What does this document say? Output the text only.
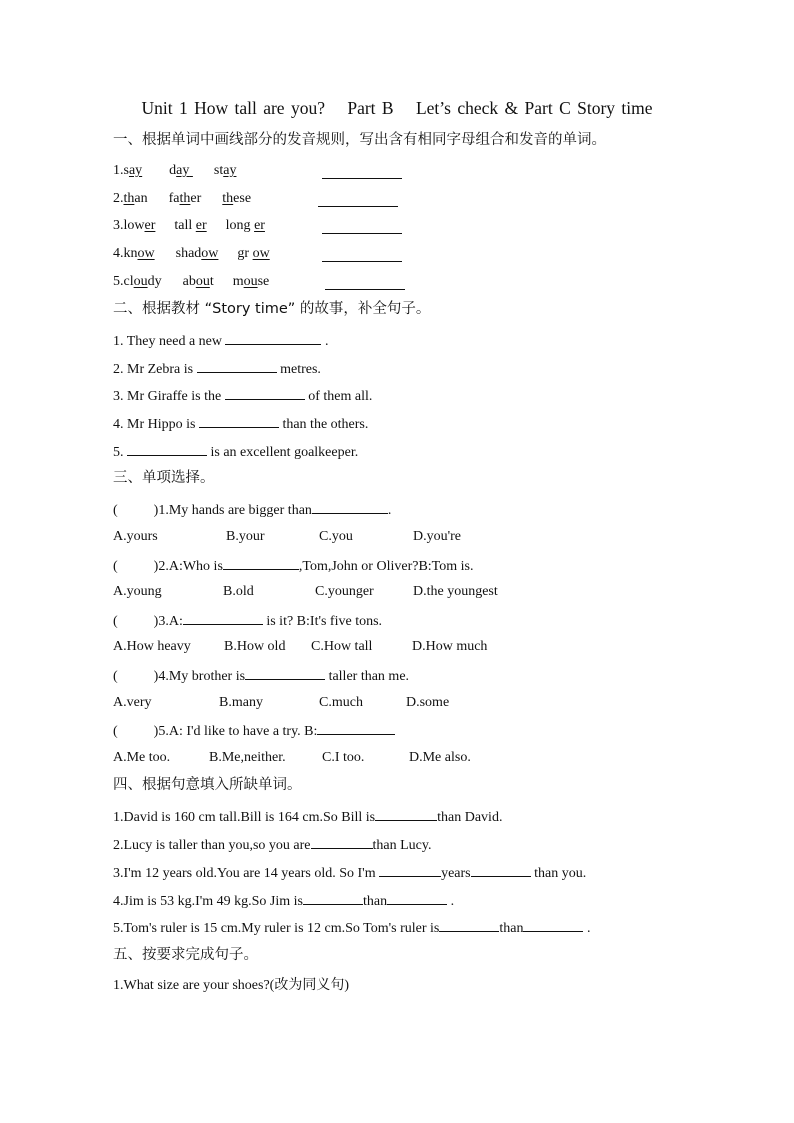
Unit 1 How tall are you? Part B Let’s check & Part C Story time
一、根据单词中画线部分的发音规则，写出含有相同字母组合和发音的单词。
1.say day stay
2.than father these
3.lower tall er long er
4.know shadow gr ow
5.cloudy about mouse
二、根据教材 “Story time” 的故事，补全句子。
1. They need a new	.
2. Mr Zebra is	metres.
3. Mr Giraffe is the	of them all.
4. Mr Hippo is	than the others.
5.	is an excellent goalkeeper.
三、单项选择。
(	)1.My hands are bigger than	.
A.yours	B.your	C.you	D.you're
(	)2.A:Who is	,Tom,John or Oliver?B:Tom is.
A.young	B.old	C.younger	D.the youngest
(	)3.A:	is it? B:It's five tons.
A.How heavy B.How old C.How tall	D.How much
(	)4.My brother is	taller than me.
A.very	B.many	C.much	D.some
(	)5.A: I'd like to have a try. B:
A.Me too.	B.Me,neither.	C.I too.	D.Me also.
四、根据句意填入所缺单词。
1.David is 160 cm tall.Bill is 164 cm.So Bill is	than David.
2.Lucy is taller than you,so you are	than Lucy.
3.I'm 12 years old.You are 14 years old. So I'm	years	than you.
4.Jim is 53 kg.I'm 49 kg.So Jim is	than	.
5.Tom's ruler is 15 cm.My ruler is 12 cm.So Tom's ruler is	than	.
五、按要求完成句子。
1.What size are your shoes?(改为同义句)
